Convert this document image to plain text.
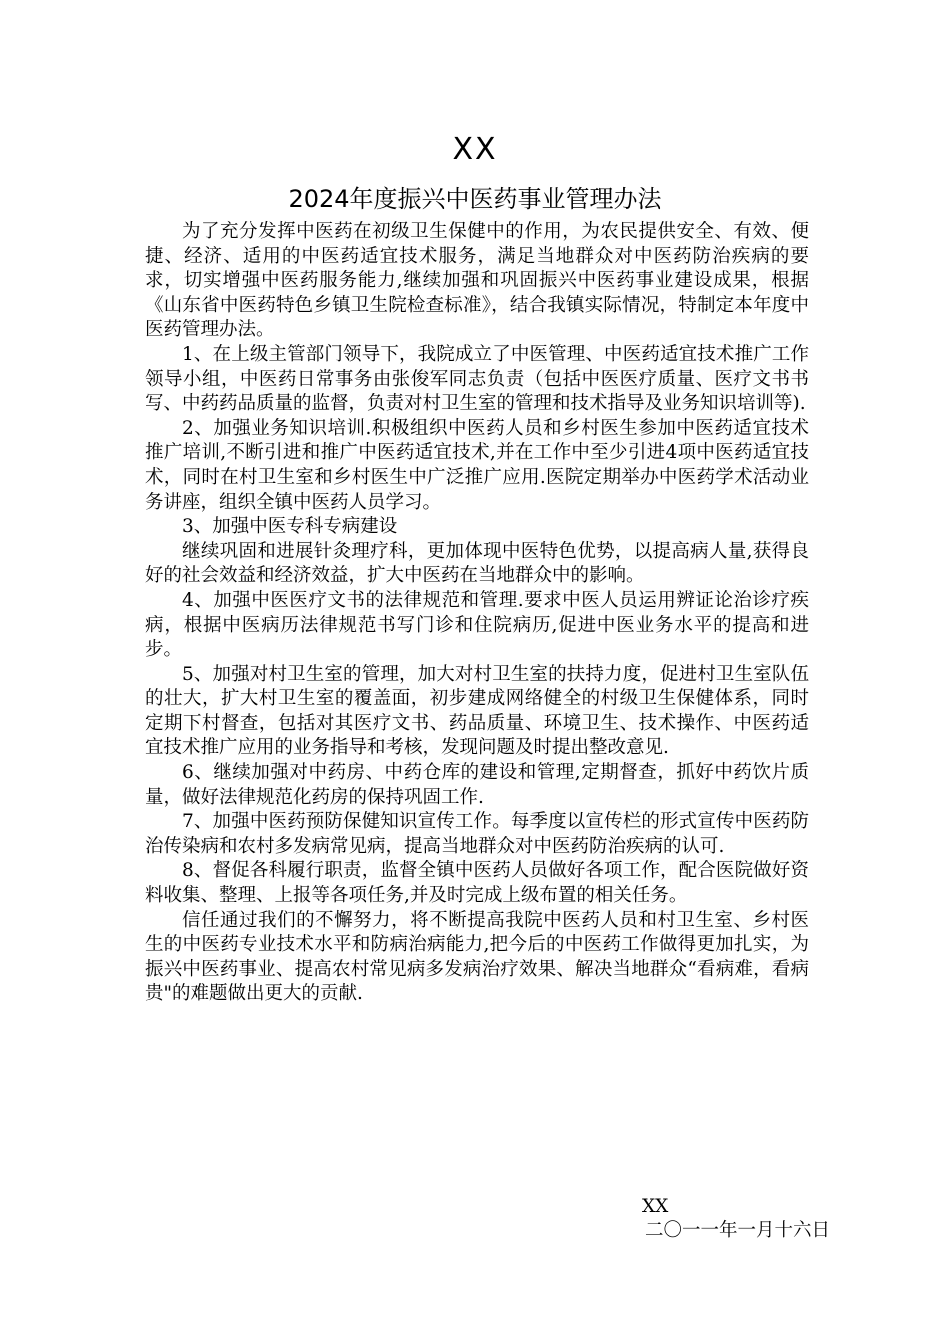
XX
2024年度振兴中医药事业管理办法

为了充分发挥中医药在初级卫生保健中的作用，为农民提供安全、有效、便捷、经济、适用的中医药适宜技术服务，满足当地群众对中医药防治疾病的要求，切实增强中医药服务能力,继续加强和巩固振兴中医药事业建设成果，根据《山东省中医药特色乡镇卫生院检查标准》，结合我镇实际情况，特制定本年度中医药管理办法。

1、在上级主管部门领导下，我院成立了中医管理、中医药适宜技术推广工作领导小组，中医药日常事务由张俊军同志负责（包括中医医疗质量、医疗文书书写、中药药品质量的监督，负责对村卫生室的管理和技术指导及业务知识培训等).

2、加强业务知识培训.积极组织中医药人员和乡村医生参加中医药适宜技术推广培训,不断引进和推广中医药适宜技术,并在工作中至少引进4项中医药适宜技术，同时在村卫生室和乡村医生中广泛推广应用.医院定期举办中医药学术活动业务讲座，组织全镇中医药人员学习。

3、加强中医专科专病建设

继续巩固和进展针灸理疗科，更加体现中医特色优势，以提高病人量,获得良好的社会效益和经济效益，扩大中医药在当地群众中的影响。

4、加强中医医疗文书的法律规范和管理.要求中医人员运用辨证论治诊疗疾病，根据中医病历法律规范书写门诊和住院病历,促进中医业务水平的提高和进步。

5、加强对村卫生室的管理，加大对村卫生室的扶持力度，促进村卫生室队伍的壮大，扩大村卫生室的覆盖面，初步建成网络健全的村级卫生保健体系，同时定期下村督查，包括对其医疗文书、药品质量、环境卫生、技术操作、中医药适宜技术推广应用的业务指导和考核，发现问题及时提出整改意见.

6、继续加强对中药房、中药仓库的建设和管理,定期督查，抓好中药饮片质量，做好法律规范化药房的保持巩固工作.

7、加强中医药预防保健知识宣传工作。每季度以宣传栏的形式宣传中医药防治传染病和农村多发病常见病，提高当地群众对中医药防治疾病的认可.

8、督促各科履行职责，监督全镇中医药人员做好各项工作，配合医院做好资料收集、整理、上报等各项任务,并及时完成上级布置的相关任务。

信任通过我们的不懈努力，将不断提高我院中医药人员和村卫生室、乡村医生的中医药专业技术水平和防病治病能力,把今后的中医药工作做得更加扎实，为振兴中医药事业、提高农村常见病多发病治疗效果、解决当地群众“看病难，看病贵"的难题做出更大的贡献.

XX
二〇一一年一月十六日
